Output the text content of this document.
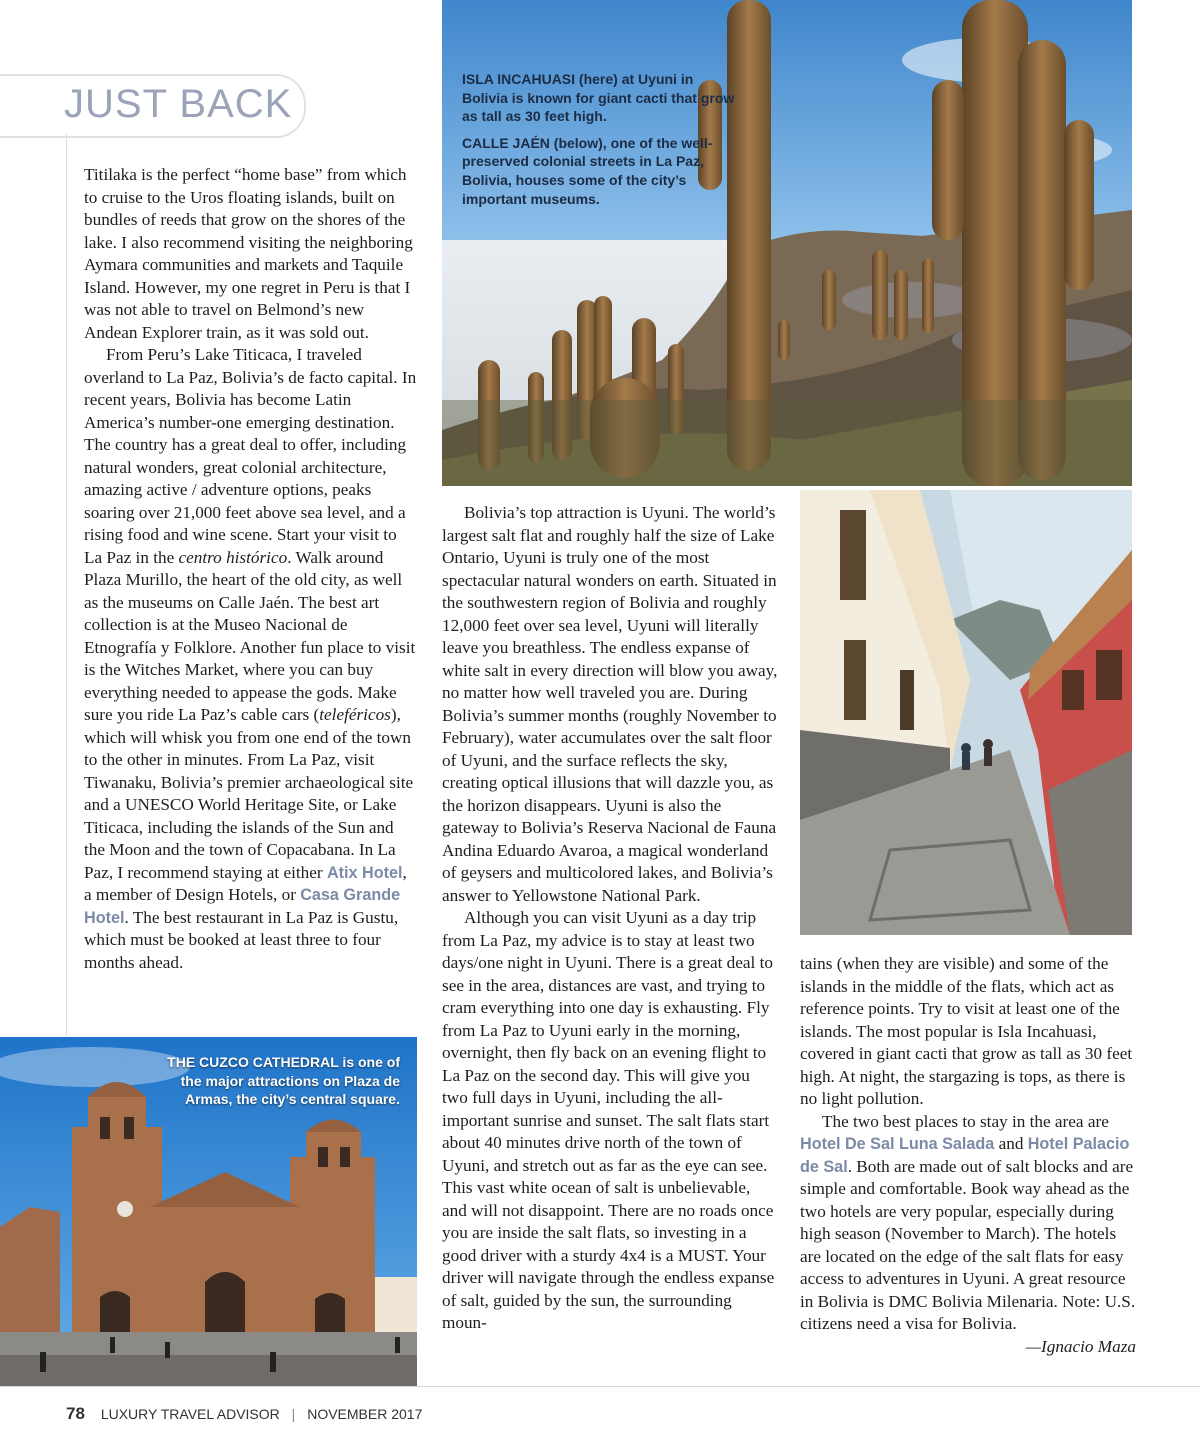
JUST BACK

ISLA INCAHUASI (here) at Uyuni in Bolivia is known for giant cacti that grow as tall as 30 feet high.

CALLE JAÉN (below), one of the well-preserved colonial streets in La Paz, Bolivia, houses some of the city’s important museums.

THE CUZCO CATHEDRAL is one of the major attractions on Plaza de Armas, the city’s central square.

Titilaka is the perfect “home base” from which to cruise to the Uros floating islands, built on bundles of reeds that grow on the shores of the lake. I also recommend visiting the neighboring Aymara communities and markets and Taquile Island. However, my one regret in Peru is that I was not able to travel on Belmond’s new Andean Explorer train, as it was sold out.

From Peru’s Lake Titicaca, I traveled overland to La Paz, Bolivia’s de facto capital. In recent years, Bolivia has become Latin America’s number-one emerging destination. The country has a great deal to offer, including natural wonders, great colonial architecture, amazing active / adventure options, peaks soaring over 21,000 feet above sea level, and a rising food and wine scene. Start your visit to La Paz in the centro histórico. Walk around Plaza Murillo, the heart of the old city, as well as the museums on Calle Jaén. The best art collection is at the Museo Nacional de Etnografía y Folklore. Another fun place to visit is the Witches Market, where you can buy everything needed to appease the gods. Make sure you ride La Paz’s cable cars (teleféricos), which will whisk you from one end of the town to the other in minutes. From La Paz, visit Tiwanaku, Bolivia’s premier archaeological site and a UNESCO World Heritage Site, or Lake Titicaca, including the islands of the Sun and the Moon and the town of Copacabana. In La Paz, I recommend staying at either Atix Hotel, a member of Design Hotels, or Casa Grande Hotel. The best restaurant in La Paz is Gustu, which must be booked at least three to four months ahead.

Bolivia’s top attraction is Uyuni. The world’s largest salt flat and roughly half the size of Lake Ontario, Uyuni is truly one of the most spectacular natural wonders on earth. Situated in the southwestern region of Bolivia and roughly 12,000 feet over sea level, Uyuni will literally leave you breathless. The endless expanse of white salt in every direction will blow you away, no matter how well traveled you are. During Bolivia’s summer months (roughly November to February), water accumulates over the salt floor of Uyuni, and the surface reflects the sky, creating optical illusions that will dazzle you, as the horizon disappears. Uyuni is also the gateway to Bolivia’s Reserva Nacional de Fauna Andina Eduardo Avaroa, a magical wonderland of geysers and multicolored lakes, and Bolivia’s answer to Yellowstone National Park.

Although you can visit Uyuni as a day trip from La Paz, my advice is to stay at least two days/one night in Uyuni. There is a great deal to see in the area, distances are vast, and trying to cram everything into one day is exhausting. Fly from La Paz to Uyuni early in the morning, overnight, then fly back on an evening flight to La Paz on the second day. This will give you two full days in Uyuni, including the all-important sunrise and sunset. The salt flats start about 40 minutes drive north of the town of Uyuni, and stretch out as far as the eye can see. This vast white ocean of salt is unbelievable, and will not disappoint. There are no roads once you are inside the salt flats, so investing in a good driver with a sturdy 4x4 is a MUST. Your driver will navigate through the endless expanse of salt, guided by the sun, the surrounding moun-

tains (when they are visible) and some of the islands in the middle of the flats, which act as reference points. Try to visit at least one of the islands. The most popular is Isla Incahuasi, covered in giant cacti that grow as tall as 30 feet high. At night, the stargazing is tops, as there is no light pollution.

The two best places to stay in the area are Hotel De Sal Luna Salada and Hotel Palacio de Sal. Both are made out of salt blocks and are simple and comfortable. Book way ahead as the two hotels are very popular, especially during high season (November to March). The hotels are located on the edge of the salt flats for easy access to adventures in Uyuni. A great resource in Bolivia is DMC Bolivia Milenaria. Note: U.S. citizens need a visa for Bolivia.
—Ignacio Maza

78 LUXURY TRAVEL ADVISOR | NOVEMBER 2017
